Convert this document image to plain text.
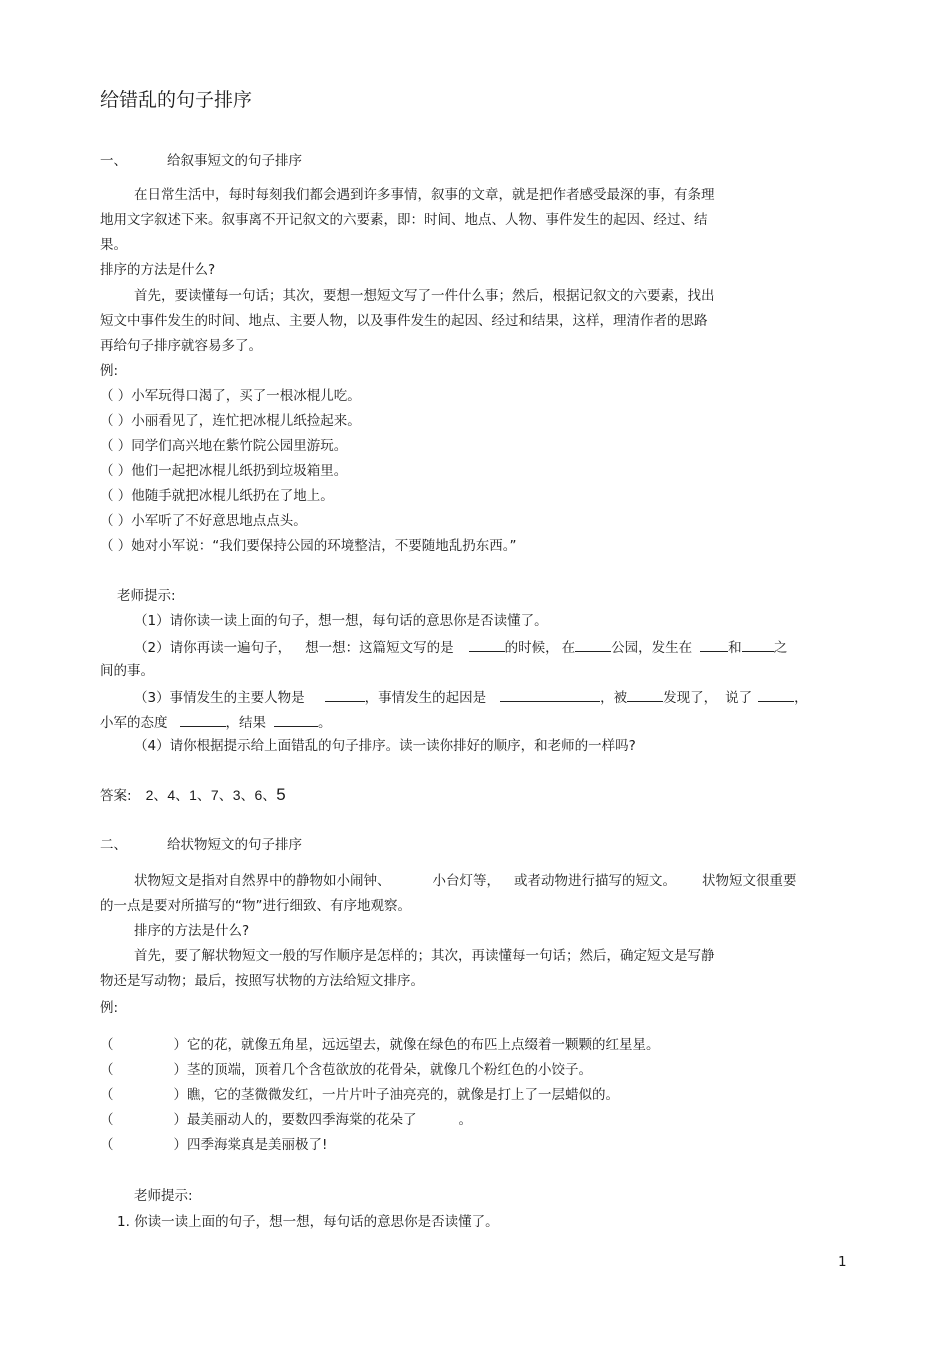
给错乱的句子排序
一、	给叙事短文的句子排序
在日常生活中，每时每刻我们都会遇到许多事情，叙事的文章，就是把作者感受最深的事，有条理
地用文字叙述下来。叙事离不开记叙文的六要素，即：时间、地点、人物、事件发生的起因、经过、结
果。
排序的方法是什么?
首先，要读懂每一句话；其次，要想一想短文写了一件什么事；然后，根据记叙文的六要素，找出
短文中事件发生的时间、地点、主要人物，以及事件发生的起因、经过和结果，这样，理清作者的思路
再给句子排序就容易多了。
例:
（ ）小军玩得口渴了，买了一根冰棍儿吃。
（ ）小丽看见了，连忙把冰棍儿纸捡起来。
（ ）同学们高兴地在紫竹院公园里游玩。
（ ）他们一起把冰棍儿纸扔到垃圾箱里。
（ ）他随手就把冰棍儿纸扔在了地上。
（ ）小军听了不好意思地点点头。
（ ）她对小军说：“我们要保持公园的环境整洁，不要随地乱扔东西。”
老师提示:
（1）请你读一读上面的句子，想一想，每句话的意思你是否读懂了。
（2）请你再读一遍句子， 想一想：这篇短文写的是	的时候， 在	公园，发生在	和 之
间的事。
（3）事情发生的主要人物是	，事情发生的起因是	，被	发现了， 说了	，
小军的态度	，结果	。
（4）请你根据提示给上面错乱的句子排序。读一读你排好的顺序，和老师的一样吗?
答案: 2、4、1、7、3、6、5
二、	给状物短文的句子排序
状物短文是指对自然界中的静物如小闹钟、	小台灯等， 或者动物进行描写的短文。 状物短文很重要
的一点是要对所描写的“物”进行细致、有序地观察。
排序的方法是什么?
首先，要了解状物短文一般的写作顺序是怎样的；其次，再读懂每一句话；然后，确定短文是写静
物还是写动物；最后，按照写状物的方法给短文排序。
例:
（	）它的花，就像五角星，远远望去，就像在绿色的布匹上点缀着一颗颗的红星星。
（	）茎的顶端，顶着几个含苞欲放的花骨朵，就像几个粉红色的小饺子。
（	）瞧，它的茎微微发红，一片片叶子油亮亮的，就像是打上了一层蜡似的。
（	）最美丽动人的，要数四季海棠的花朵了	。
（	）四季海棠真是美丽极了!
老师提示:
1. 你读一读上面的句子，想一想，每句话的意思你是否读懂了。
1
